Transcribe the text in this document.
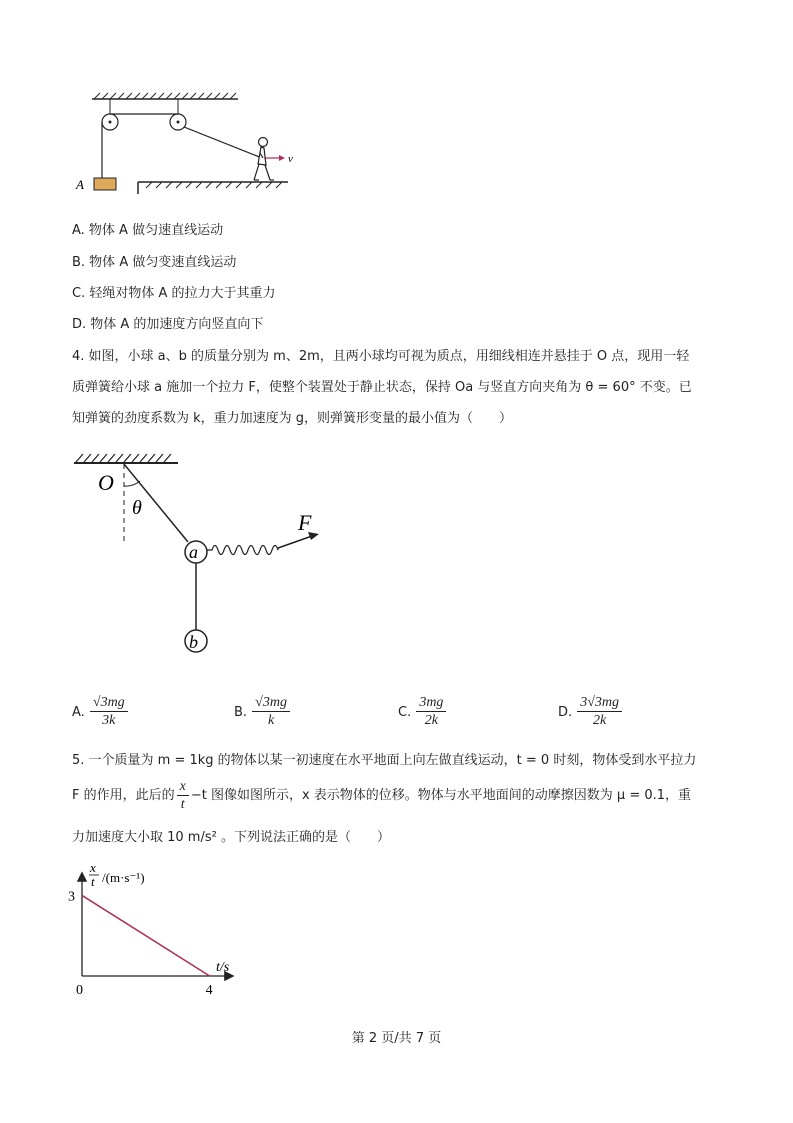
A
v
A. 物体 A 做匀速直线运动
B. 物体 A 做匀变速直线运动
C. 轻绳对物体 A 的拉力大于其重力
D. 物体 A 的加速度方向竖直向下
4. 如图，小球 a、b 的质量分别为 m、2m，且两小球均可视为质点，用细线相连并悬挂于 O 点，现用一轻
质弹簧给小球 a 施加一个拉力 F，使整个装置处于静止状态，保持 Oa 与竖直方向夹角为 θ = 60° 不变。已
知弹簧的劲度系数为 k，重力加速度为 g，则弹簧形变量的最小值为（　　）
O
θ
a
b
F
A. $\frac{√3mg}{3k}$	B. $\frac{√3mg}{k}$	C. $\frac{3mg}{2k}$	D. $\frac{3√3mg}{2k}$
5. 一个质量为 m = 1kg 的物体以某一初速度在水平地面上向左做直线运动，t = 0 时刻，物体受到水平拉力
F 的作用，此后的 $\frac{x}{t} -t$ 图像如图所示，x 表示物体的位移。物体与水平地面间的动摩擦因数为 μ = 0.1，重
力加速度大小取 10 m/s² 。下列说法正确的是（　　）
x
t /(m·s⁻¹)
t/s
0	4
3
第 2 页/共 7 页
